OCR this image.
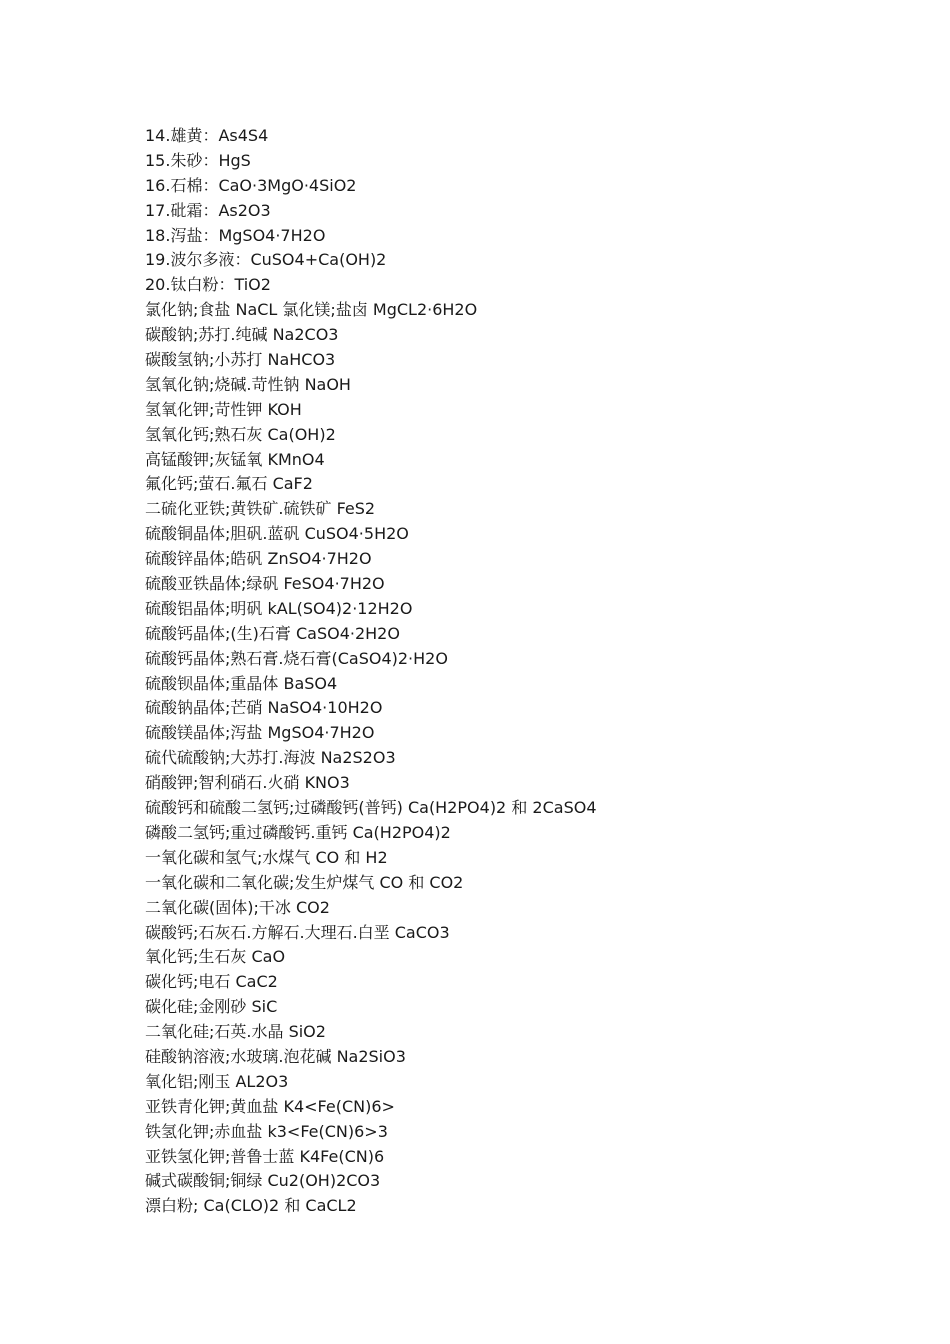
14.雄黄：As4S4
15.朱砂：HgS
16.石棉：CaO·3MgO·4SiO2
17.砒霜：As2O3
18.泻盐：MgSO4·7H2O
19.波尔多液：CuSO4+Ca(OH)2
20.钛白粉：TiO2
氯化钠;食盐 NaCL 氯化镁;盐卤 MgCL2·6H2O
碳酸钠;苏打.纯碱 Na2CO3
碳酸氢钠;小苏打 NaHCO3
氢氧化钠;烧碱.苛性钠 NaOH
氢氧化钾;苛性钾 KOH
氢氧化钙;熟石灰 Ca(OH)2
高锰酸钾;灰锰氧 KMnO4
氟化钙;萤石.氟石 CaF2
二硫化亚铁;黄铁矿.硫铁矿 FeS2
硫酸铜晶体;胆矾.蓝矾 CuSO4·5H2O
硫酸锌晶体;皓矾 ZnSO4·7H2O
硫酸亚铁晶体;绿矾 FeSO4·7H2O
硫酸铝晶体;明矾 kAL(SO4)2·12H2O
硫酸钙晶体;(生)石膏 CaSO4·2H2O
硫酸钙晶体;熟石膏.烧石膏(CaSO4)2·H2O
硫酸钡晶体;重晶体 BaSO4
硫酸钠晶体;芒硝 NaSO4·10H2O
硫酸镁晶体;泻盐 MgSO4·7H2O
硫代硫酸钠;大苏打.海波 Na2S2O3
硝酸钾;智利硝石.火硝 KNO3
硫酸钙和硫酸二氢钙;过磷酸钙(普钙) Ca(H2PO4)2 和 2CaSO4
磷酸二氢钙;重过磷酸钙.重钙 Ca(H2PO4)2
一氧化碳和氢气;水煤气 CO 和 H2
一氧化碳和二氧化碳;发生炉煤气 CO 和 CO2
二氧化碳(固体);干冰 CO2
碳酸钙;石灰石.方解石.大理石.白垩 CaCO3
氧化钙;生石灰 CaO
碳化钙;电石 CaC2
碳化硅;金刚砂 SiC
二氧化硅;石英.水晶 SiO2
硅酸钠溶液;水玻璃.泡花碱 Na2SiO3
氧化铝;刚玉 AL2O3
亚铁青化钾;黄血盐 K4<Fe(CN)6>
铁氢化钾;赤血盐 k3<Fe(CN)6>3
亚铁氢化钾;普鲁士蓝 K4Fe(CN)6
碱式碳酸铜;铜绿 Cu2(OH)2CO3
漂白粉; Ca(CLO)2 和 CaCL2
